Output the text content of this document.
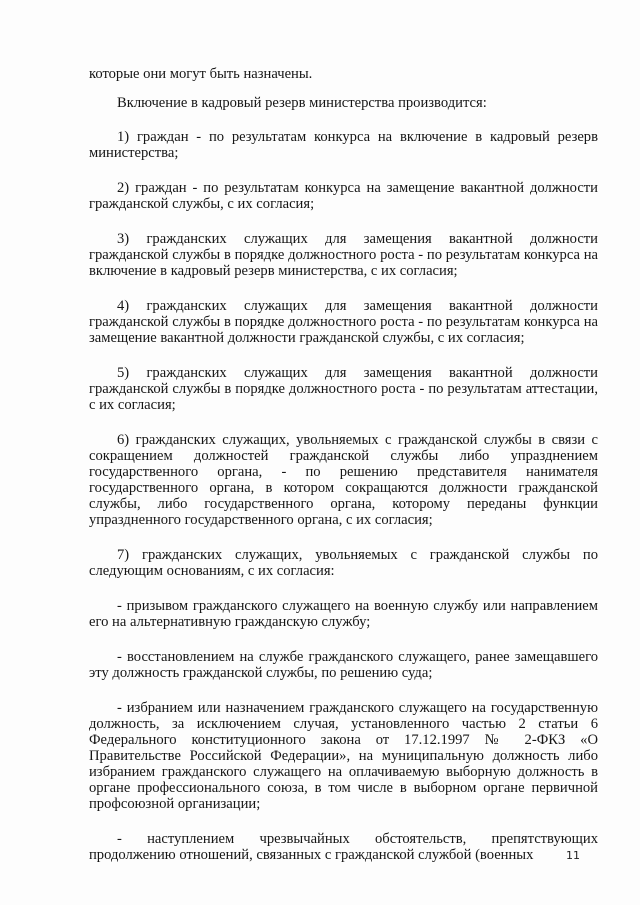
которые они могут быть назначены.

Включение в кадровый резерв министерства производится:

1) граждан - по результатам конкурса на включение в кадровый резерв министерства;

2) граждан - по результатам конкурса на замещение вакантной должности гражданской службы, с их согласия;

3) гражданских служащих для замещения вакантной должности гражданской службы в порядке должностного роста - по результатам конкурса на включение в кадровый резерв министерства, с их согласия;

4) гражданских служащих для замещения вакантной должности гражданской службы в порядке должностного роста - по результатам конкурса на замещение вакантной должности гражданской службы, с их согласия;

5) гражданских служащих для замещения вакантной должности гражданской службы в порядке должностного роста - по результатам аттестации, с их согласия;

6) гражданских служащих, увольняемых с гражданской службы в связи с сокращением должностей гражданской службы либо упразднением государственного органа, - по решению представителя нанимателя государственного органа, в котором сокращаются должности гражданской службы, либо государственного органа, которому переданы функции упраздненного государственного органа, с их согласия;

7) гражданских служащих, увольняемых с гражданской службы по следующим основаниям, с их согласия:

- призывом гражданского служащего на военную службу или направлением его на альтернативную гражданскую службу;

- восстановлением на службе гражданского служащего, ранее замещавшего эту должность гражданской службы, по решению суда;

- избранием или назначением гражданского служащего на государственную должность, за исключением случая, установленного частью 2 статьи 6 Федерального конституционного закона от 17.12.1997 № 2-ФКЗ «О Правительстве Российской Федерации», на муниципальную должность либо избранием гражданского служащего на оплачиваемую выборную должность в органе профессионального союза, в том числе в выборном органе первичной профсоюзной организации;

- наступлением чрезвычайных обстоятельств, препятствующих продолжению отношений, связанных с гражданской службой (военных	11
